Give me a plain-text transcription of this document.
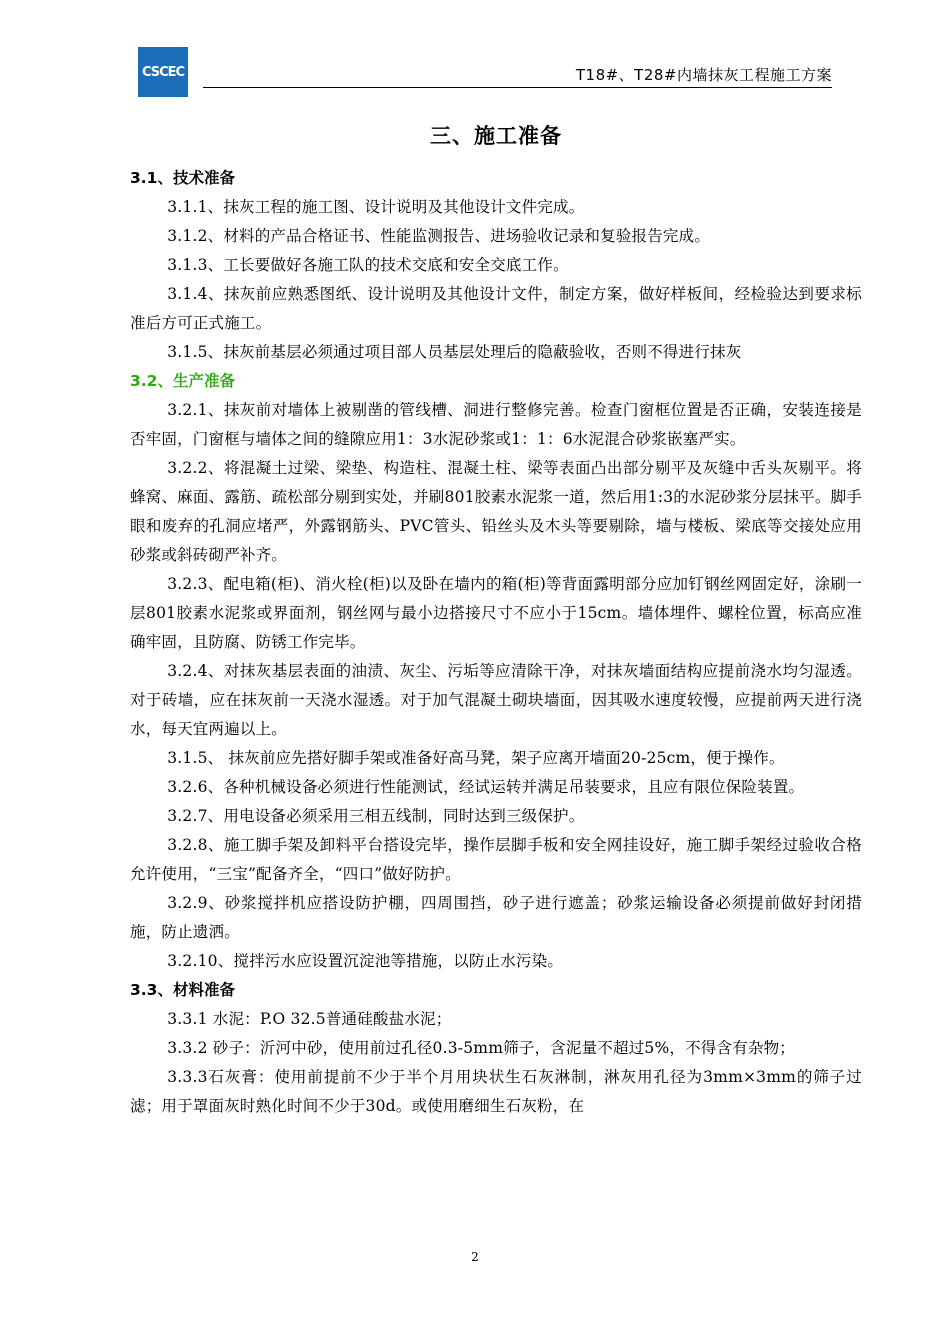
CSCEC	T18#、T28#内墙抹灰工程施工方案
三、施工准备
3.1、技术准备

3.1.1、抹灰工程的施工图、设计说明及其他设计文件完成。

3.1.2、材料的产品合格证书、性能监测报告、进场验收记录和复验报告完成。

3.1.3、工长要做好各施工队的技术交底和安全交底工作。

3.1.4、抹灰前应熟悉图纸、设计说明及其他设计文件，制定方案，做好样板间，经检验达到要求标准后方可正式施工。

3.1.5、抹灰前基层必须通过项目部人员基层处理后的隐蔽验收，否则不得进行抹灰

3.2、生产准备

3.2.1、抹灰前对墙体上被剔凿的管线槽、洞进行整修完善。检查门窗框位置是否正确，安装连接是否牢固，门窗框与墙体之间的缝隙应用1：3水泥砂浆或1：1：6水泥混合砂浆嵌塞严实。

3.2.2、将混凝土过梁、梁垫、构造柱、混凝土柱、梁等表面凸出部分剔平及灰缝中舌头灰剔平。将蜂窝、麻面、露筋、疏松部分剔到实处，并刷801胶素水泥浆一道，然后用1:3的水泥砂浆分层抹平。脚手眼和废弃的孔洞应堵严，外露钢筋头、PVC管头、铅丝头及木头等要剔除，墙与楼板、梁底等交接处应用砂浆或斜砖砌严补齐。

3.2.3、配电箱(柜)、消火栓(柜)以及卧在墙内的箱(柜)等背面露明部分应加钉钢丝网固定好，涂刷一层801胶素水泥浆或界面剂，钢丝网与最小边搭接尺寸不应小于15cm。墙体埋件、螺栓位置，标高应准确牢固，且防腐、防锈工作完毕。

3.2.4、对抹灰基层表面的油渍、灰尘、污垢等应清除干净，对抹灰墙面结构应提前浇水均匀湿透。对于砖墙，应在抹灰前一天浇水湿透。对于加气混凝土砌块墙面，因其吸水速度较慢，应提前两天进行浇水，每天宜两遍以上。

3.1.5、 抹灰前应先搭好脚手架或准备好高马凳，架子应离开墙面20-25cm，便于操作。

3.2.6、各种机械设备必须进行性能测试，经试运转并满足吊装要求，且应有限位保险装置。

3.2.7、用电设备必须采用三相五线制，同时达到三级保护。

3.2.8、施工脚手架及卸料平台搭设完毕，操作层脚手板和安全网挂设好，施工脚手架经过验收合格允许使用，“三宝”配备齐全，“四口”做好防护。

3.2.9、砂浆搅拌机应搭设防护棚，四周围挡，砂子进行遮盖；砂浆运输设备必须提前做好封闭措施，防止遗洒。

3.2.10、搅拌污水应设置沉淀池等措施，以防止水污染。

3.3、材料准备

3.3.1 水泥：P.O 32.5普通硅酸盐水泥；

3.3.2 砂子：沂河中砂，使用前过孔径0.3-5mm筛子，含泥量不超过5%，不得含有杂物；

3.3.3石灰膏：使用前提前不少于半个月用块状生石灰淋制，淋灰用孔径为3mm×3mm的筛子过滤；用于罩面灰时熟化时间不少于30d。或使用磨细生石灰粉，在

2
